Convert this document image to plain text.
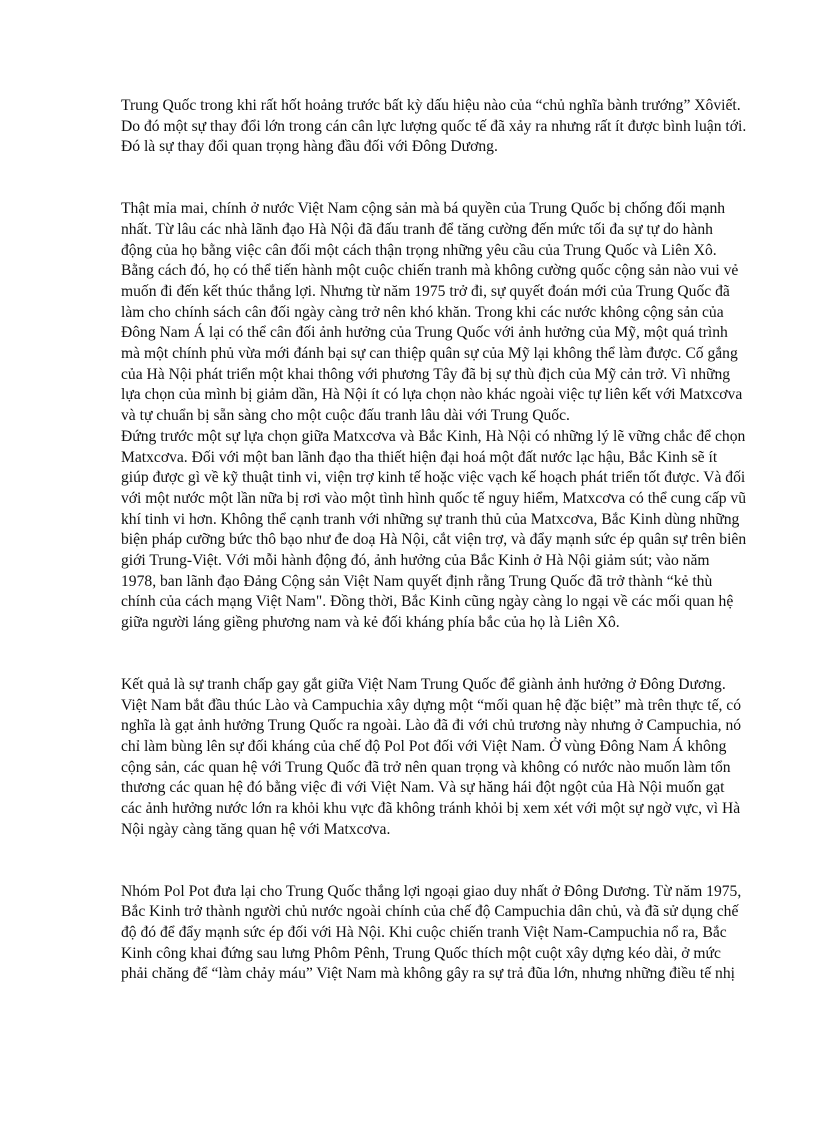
Trung Quốc trong khi rất hốt hoảng trước bất kỳ dấu hiệu nào của “chủ nghĩa bành trướng” Xôviết.
Do đó một sự thay đổi lớn trong cán cân lực lượng quốc tế đã xảy ra nhưng rất ít được bình luận tới.
Đó là sự thay đổi quan trọng hàng đầu đối với Đông Dương.
Thật mỉa mai, chính ở nước Việt Nam cộng sản mà bá quyền của Trung Quốc bị chống đối mạnh
nhất. Từ lâu các nhà lãnh đạo Hà Nội đã đấu tranh để tăng cường đến mức tối đa sự tự do hành
động của họ bằng việc cân đối một cách thận trọng những yêu cầu của Trung Quốc và Liên Xô.
Bằng cách đó, họ có thể tiến hành một cuộc chiến tranh mà không cường quốc cộng sản nào vui vẻ
muốn đi đến kết thúc thắng lợi. Nhưng từ năm 1975 trở đi, sự quyết đoán mới của Trung Quốc đã
làm cho chính sách cân đối ngày càng trở nên khó khăn. Trong khi các nước không cộng sản của
Đông Nam Á lại có thể cân đối ảnh hưởng của Trung Quốc với ảnh hưởng của Mỹ, một quá trình
mà một chính phủ vừa mới đánh bại sự can thiệp quân sự của Mỹ lại không thể làm được. Cố gắng
của Hà Nội phát triển một khai thông với phương Tây đã bị sự thù địch của Mỹ cản trở. Vì những
lựa chọn của mình bị giảm dần, Hà Nội ít có lựa chọn nào khác ngoài việc tự liên kết với Matxcơva
và tự chuẩn bị sẵn sàng cho một cuộc đấu tranh lâu dài với Trung Quốc.
Đứng trước một sự lựa chọn giữa Matxcơva và Bắc Kinh, Hà Nội có những lý lẽ vững chắc để chọn
Matxcơva. Đối với một ban lãnh đạo tha thiết hiện đại hoá một đất nước lạc hậu, Bắc Kinh sẽ ít
giúp được gì về kỹ thuật tinh vi, viện trợ kinh tế hoặc việc vạch kế hoạch phát triển tốt được. Và đối
với một nước một lần nữa bị rơi vào một tình hình quốc tế nguy hiểm, Matxcơva có thể cung cấp vũ
khí tinh vi hơn. Không thể cạnh tranh với những sự tranh thủ của Matxcơva, Bắc Kinh dùng những
biện pháp cưỡng bức thô bạo như đe doạ Hà Nội, cắt viện trợ, và đẩy mạnh sức ép quân sự trên biên
giới Trung-Việt. Với mỗi hành động đó, ảnh hưởng của Bắc Kinh ở Hà Nội giảm sút; vào năm
1978, ban lãnh đạo Đảng Cộng sản Việt Nam quyết định rằng Trung Quốc đã trở thành “kẻ thù
chính của cách mạng Việt Nam". Đồng thời, Bắc Kinh cũng ngày càng lo ngại về các mối quan hệ
giữa người láng giềng phương nam và kẻ đối kháng phía bắc của họ là Liên Xô.
Kết quả là sự tranh chấp gay gắt giữa Việt Nam Trung Quốc để giành ảnh hưởng ở Đông Dương.
Việt Nam bắt đầu thúc Lào và Campuchia xây dựng một “mối quan hệ đặc biệt” mà trên thực tế, có
nghĩa là gạt ảnh hưởng Trung Quốc ra ngoài. Lào đã đi với chủ trương này nhưng ở Campuchia, nó
chỉ làm bùng lên sự đối kháng của chế độ Pol Pot đối với Việt Nam. Ở vùng Đông Nam Á không
cộng sản, các quan hệ với Trung Quốc đã trở nên quan trọng và không có nước nào muốn làm tổn
thương các quan hệ đó bằng việc đi với Việt Nam. Và sự hăng hái đột ngột của Hà Nội muốn gạt
các ảnh hưởng nước lớn ra khỏi khu vực đã không tránh khỏi bị xem xét với một sự ngờ vực, vì Hà
Nội ngày càng tăng quan hệ với Matxcơva.
Nhóm Pol Pot đưa lại cho Trung Quốc thắng lợi ngoại giao duy nhất ở Đông Dương. Từ năm 1975,
Bắc Kinh trở thành người chủ nước ngoài chính của chế độ Campuchia dân chủ, và đã sử dụng chế
độ đó để đẩy mạnh sức ép đối với Hà Nội. Khi cuộc chiến tranh Việt Nam-Campuchia nổ ra, Bắc
Kinh công khai đứng sau lưng Phôm Pênh, Trung Quốc thích một cuột xây dựng kéo dài, ở mức
phải chăng để “làm chảy máu” Việt Nam mà không gây ra sự trả đũa lớn, nhưng những điều tế nhị
